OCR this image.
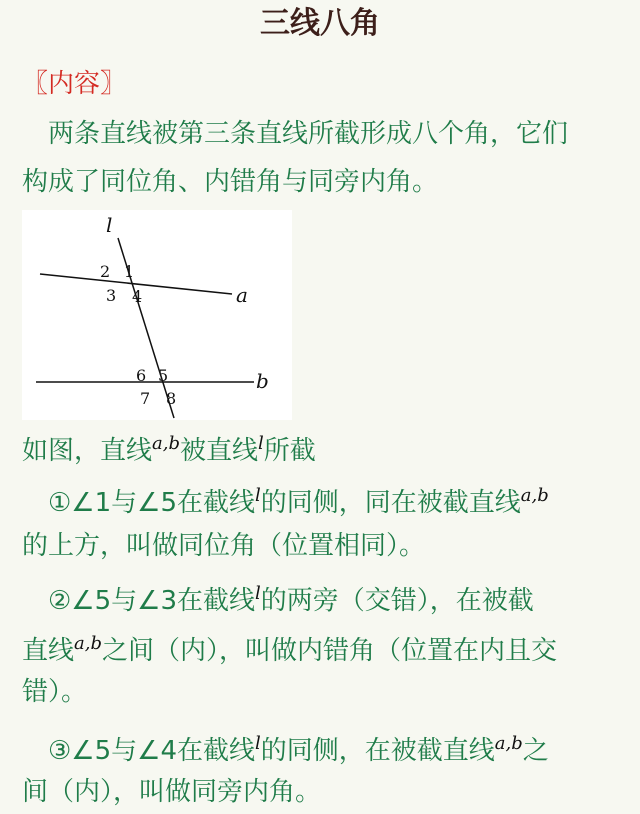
三线八角
〖内容〗
两条直线被第三条直线所截形成八个角，它们
构成了同位角、内错角与同旁内角。
l
a
b
1
2
3 4
5
6
7 8
如图，直线$^{a,b}$被直线$^l$所截
①∠1与∠5在截线$^l$的同侧，同在被截直线$^{a,b}$
的上方，叫做同位角（位置相同）。
②∠5与∠3在截线$^l$的两旁（交错），在被截
直线$^{a,b}$之间（内），叫做内错角（位置在内且交
错）。
③∠5与∠4在截线$^l$的同侧，在被截直线$^{a,b}$之
间（内），叫做同旁内角。
